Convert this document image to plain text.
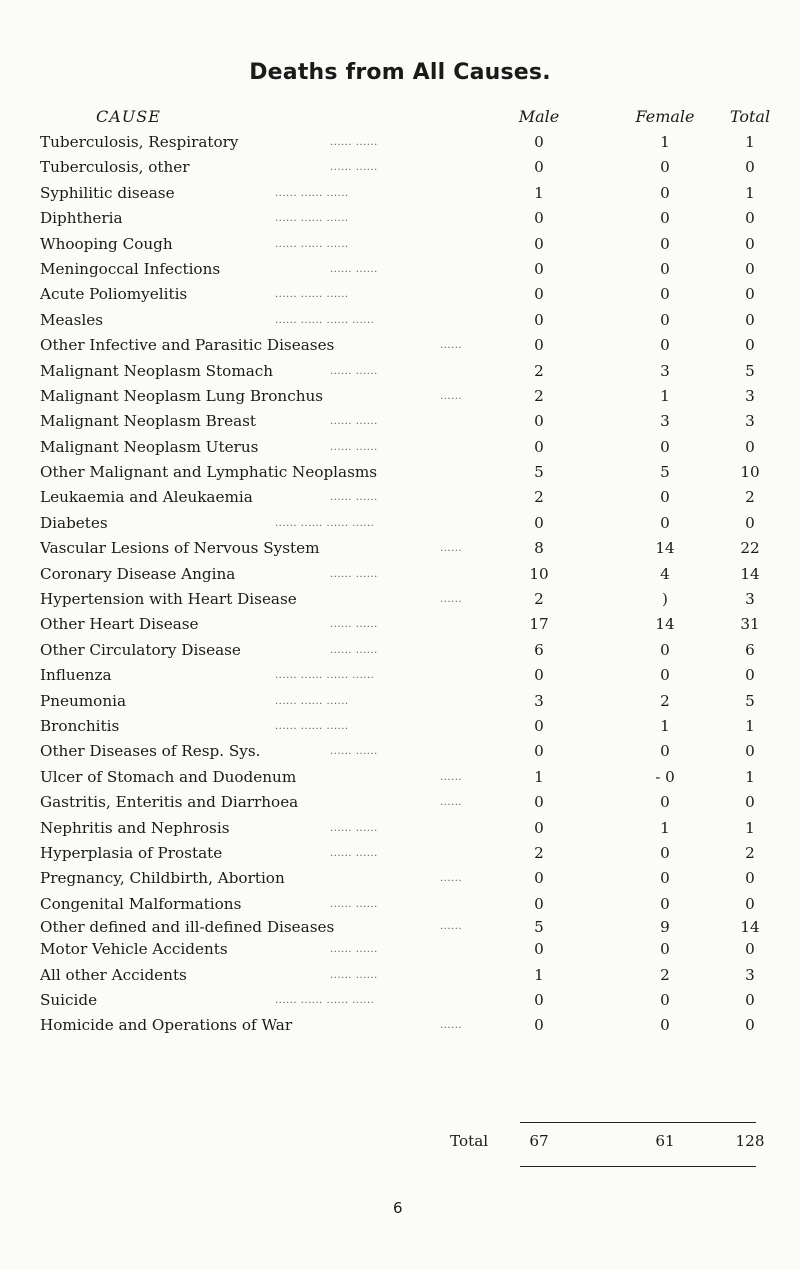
Deaths from All Causes.
CAUSE	Male	Female	Total
Tuberculosis, Respiratory	...... ......	0	1	1
Tuberculosis, other	...... ......	0	0	0
Syphilitic disease	...... ...... ......	1	0	1
Diphtheria	...... ...... ......	0	0	0
Whooping Cough	...... ...... ......	0	0	0
Meningoccal Infections	...... ......	0	0	0
Acute Poliomyelitis	...... ...... ......	0	0	0
Measles	...... ...... ...... ......	0	0	0
Other Infective and Parasitic Diseases	......	0	0	0
Malignant Neoplasm Stomach	...... ......	2	3	5
Malignant Neoplasm Lung Bronchus	......	2	1	3
Malignant Neoplasm Breast	...... ......	0	3	3
Malignant Neoplasm Uterus	...... ......	0	0	0
Other Malignant and Lymphatic Neoplasms	5	5	10
Leukaemia and Aleukaemia	...... ......	2	0	2
Diabetes	...... ...... ...... ......	0	0	0
Vascular Lesions of Nervous System	......	8	14	22
Coronary Disease Angina	...... ......	10	4	14
Hypertension with Heart Disease	......	2	)	3
Other Heart Disease	...... ......	17	14	31
Other Circulatory Disease	...... ......	6	0	6
Influenza	...... ...... ...... ......	0	0	0
Pneumonia	...... ...... ......	3	2	5
Bronchitis	...... ...... ......	0	1	1
Other Diseases of Resp. Sys.	...... ......	0	0	0
Ulcer of Stomach and Duodenum	......	1	- 0	1
Gastritis, Enteritis and Diarrhoea	......	0	0	0
Nephritis and Nephrosis	...... ......	0	1	1
Hyperplasia of Prostate	...... ......	2	0	2
Pregnancy, Childbirth, Abortion	......	0	0	0
Congenital Malformations	...... ......	0	0	0
Other defined and ill-defined Diseases	......	5	9	14
Motor Vehicle Accidents	...... ......	0	0	0
All other Accidents	...... ......	1	2	3
Suicide	...... ...... ...... ......	0	0	0
Homicide and Operations of War	......	0	0	0
Total	67	61	128
6
